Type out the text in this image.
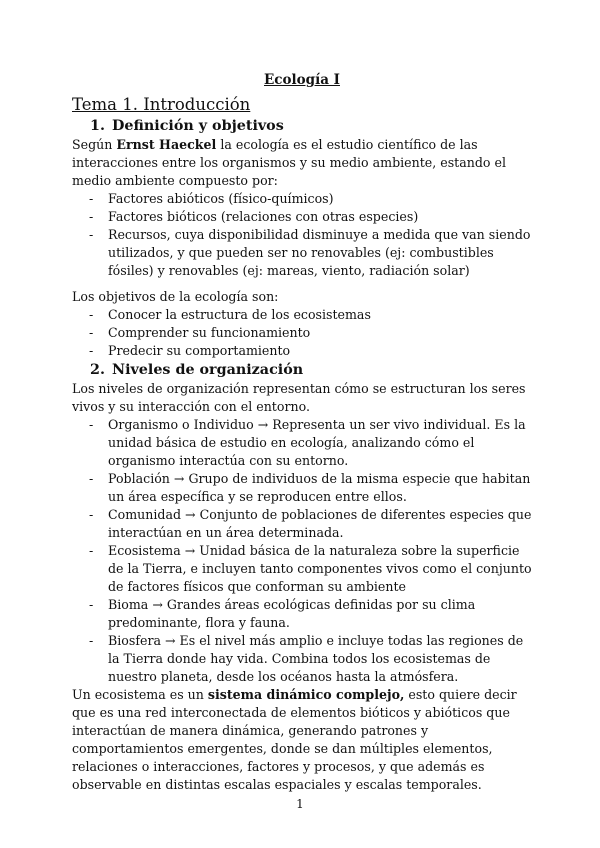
Ecología I
Tema 1. Introducción
1. Definición y objetivos

Según Ernst Haeckel la ecología es el estudio científico de las interacciones entre los organismos y su medio ambiente, estando el medio ambiente compuesto por:

- Factores abióticos (físico-químicos)
- Factores bióticos (relaciones con otras especies)
- Recursos, cuya disponibilidad disminuye a medida que van siendo utilizados, y que pueden ser no renovables (ej: combustibles fósiles) y renovables (ej: mareas, viento, radiación solar)

Los objetivos de la ecología son:

- Conocer la estructura de los ecosistemas
- Comprender su funcionamiento
- Predecir su comportamiento
2. Niveles de organización

Los niveles de organización representan cómo se estructuran los seres vivos y su interacción con el entorno.

- Organismo o Individuo → Representa un ser vivo individual. Es la unidad básica de estudio en ecología, analizando cómo el organismo interactúa con su entorno.
- Población → Grupo de individuos de la misma especie que habitan un área específica y se reproducen entre ellos.
- Comunidad → Conjunto de poblaciones de diferentes especies que interactúan en un área determinada.
- Ecosistema → Unidad básica de la naturaleza sobre la superficie de la Tierra, e incluyen tanto componentes vivos como el conjunto de factores físicos que conforman su ambiente
- Bioma → Grandes áreas ecológicas definidas por su clima predominante, flora y fauna.
- Biosfera → Es el nivel más amplio e incluye todas las regiones de la Tierra donde hay vida. Combina todos los ecosistemas de nuestro planeta, desde los océanos hasta la atmósfera.

Un ecosistema es un sistema dinámico complejo, esto quiere decir que es una red interconectada de elementos bióticos y abióticos que interactúan de manera dinámica, generando patrones y comportamientos emergentes, donde se dan múltiples elementos, relaciones o interacciones, factores y procesos, y que además es observable en distintas escalas espaciales y escalas temporales.

1
